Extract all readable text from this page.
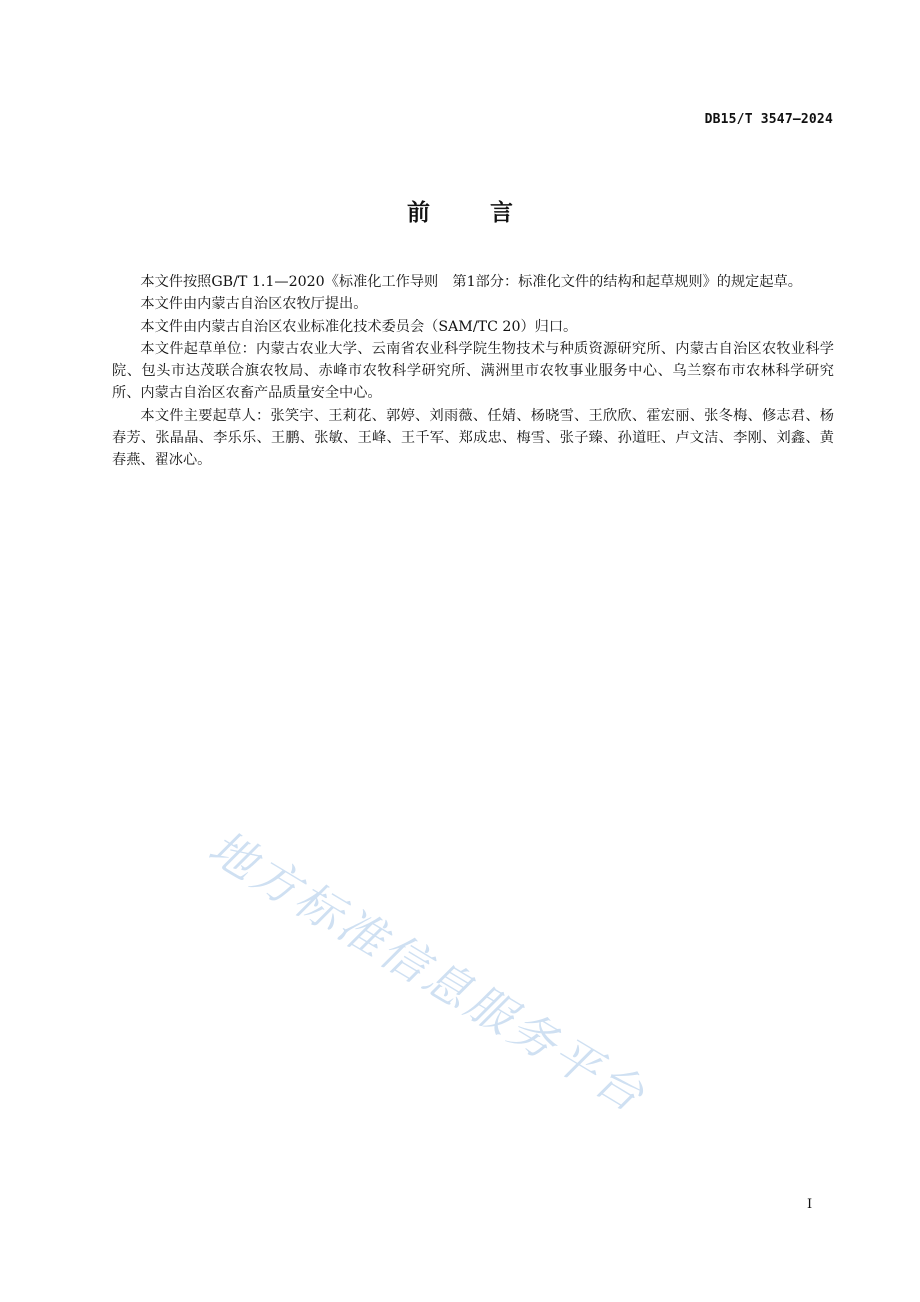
DB15/T 3547—2024
前言

本文件按照GB/T 1.1—2020《标准化工作导则　第1部分：标准化文件的结构和起草规则》的规定起草。

本文件由内蒙古自治区农牧厅提出。

本文件由内蒙古自治区农业标准化技术委员会（SAM/TC 20）归口。

本文件起草单位：内蒙古农业大学、云南省农业科学院生物技术与种质资源研究所、内蒙古自治区农牧业科学院、包头市达茂联合旗农牧局、赤峰市农牧科学研究所、满洲里市农牧事业服务中心、乌兰察布市农林科学研究所、内蒙古自治区农畜产品质量安全中心。

本文件主要起草人：张笑宇、王莉花、郭婷、刘雨薇、任婧、杨晓雪、王欣欣、霍宏丽、张冬梅、修志君、杨春芳、张晶晶、李乐乐、王鹏、张敏、王峰、王千军、郑成忠、梅雪、张子臻、孙道旺、卢文洁、李刚、刘鑫、黄春燕、翟冰心。

地方标准信息服务平台
I
